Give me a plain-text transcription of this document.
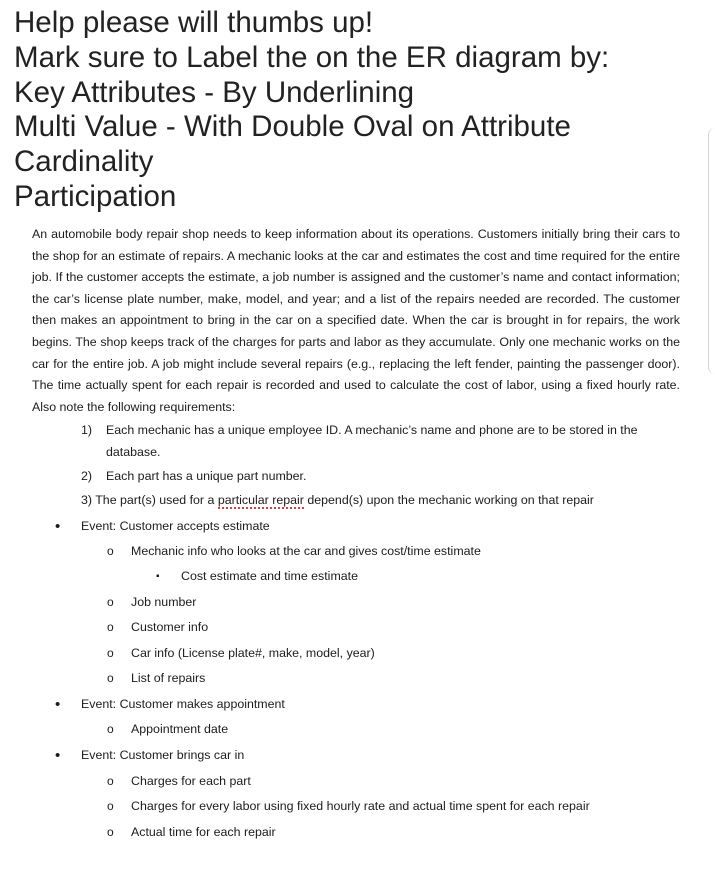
Help please will thumbs up!
Mark sure to Label the on the ER diagram by:
Key Attributes - By Underlining
Multi Value - With Double Oval on Attribute
Cardinality
Participation
An automobile body repair shop needs to keep information about its operations. Customers initially bring their cars to the shop for an estimate of repairs. A mechanic looks at the car and estimates the cost and time required for the entire job. If the customer accepts the estimate, a job number is assigned and the customer’s name and contact information; the car’s license plate number, make, model, and year; and a list of the repairs needed are recorded. The customer then makes an appointment to bring in the car on a specified date. When the car is brought in for repairs, the work begins. The shop keeps track of the charges for parts and labor as they accumulate. Only one mechanic works on the car for the entire job. A job might include several repairs (e.g., replacing the left fender, painting the passenger door). The time actually spent for each repair is recorded and used to calculate the cost of labor, using a fixed hourly rate. Also note the following requirements:
1) Each mechanic has a unique employee ID. A mechanic’s name and phone are to be stored in the database.
2) Each part has a unique part number.
3) The part(s) used for a particular repair depend(s) upon the mechanic working on that repair
• Event: Customer accepts estimate
o Mechanic info who looks at the car and gives cost/time estimate
▪ Cost estimate and time estimate
o Job number
o Customer info
o Car info (License plate#, make, model, year)
o List of repairs
• Event: Customer makes appointment
o Appointment date
• Event: Customer brings car in
o Charges for each part
o Charges for every labor using fixed hourly rate and actual time spent for each repair
o Actual time for each repair
